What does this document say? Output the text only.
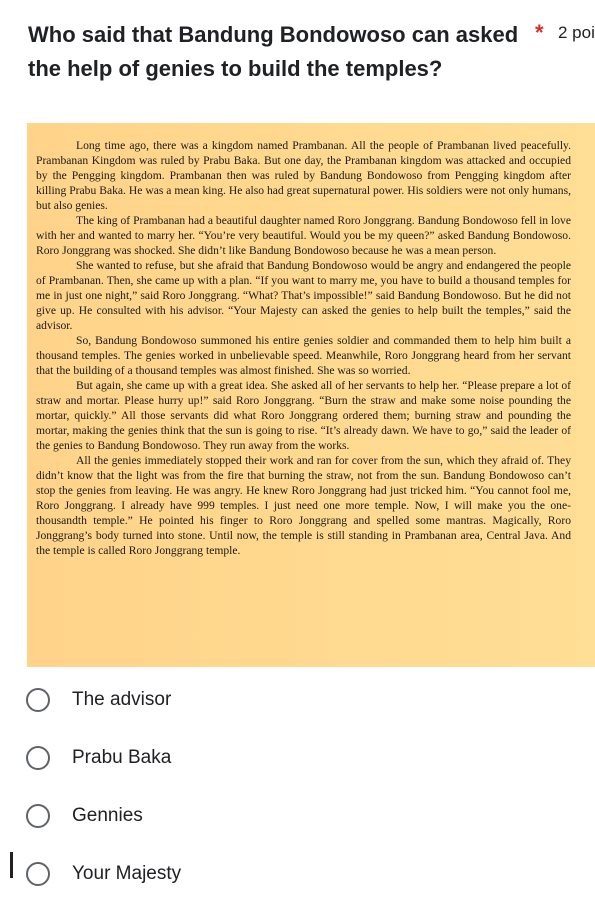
Who said that Bandung Bondowoso can asked the help of genies to build the temples?
* 2 poi

Long time ago, there was a kingdom named Prambanan. All the people of Prambanan lived peacefully. Prambanan Kingdom was ruled by Prabu Baka. But one day, the Prambanan kingdom was attacked and occupied by the Pengging kingdom. Prambanan then was ruled by Bandung Bondowoso from Pengging kingdom after killing Prabu Baka. He was a mean king. He also had great supernatural power. His soldiers were not only humans, but also genies.

The king of Prambanan had a beautiful daughter named Roro Jonggrang. Bandung Bondowoso fell in love with her and wanted to marry her. “You’re very beautiful. Would you be my queen?” asked Bandung Bondowoso. Roro Jonggrang was shocked. She didn’t like Bandung Bondowoso because he was a mean person.

She wanted to refuse, but she afraid that Bandung Bondowoso would be angry and endangered the people of Prambanan. Then, she came up with a plan. “If you want to marry me, you have to build a thousand temples for me in just one night,” said Roro Jonggrang. “What? That’s impossible!” said Bandung Bondowoso. But he did not give up. He consulted with his advisor. “Your Majesty can asked the genies to help built the temples,” said the advisor.

So, Bandung Bondowoso summoned his entire genies soldier and commanded them to help him built a thousand temples. The genies worked in unbelievable speed. Meanwhile, Roro Jonggrang heard from her servant that the building of a thousand temples was almost finished. She was so worried.

But again, she came up with a great idea. She asked all of her servants to help her. “Please prepare a lot of straw and mortar. Please hurry up!” said Roro Jonggrang. “Burn the straw and make some noise pounding the mortar, quickly.” All those servants did what Roro Jonggrang ordered them; burning straw and pounding the mortar, making the genies think that the sun is going to rise. “It’s already dawn. We have to go,” said the leader of the genies to Bandung Bondowoso. They run away from the works.

All the genies immediately stopped their work and ran for cover from the sun, which they afraid of. They didn’t know that the light was from the fire that burning the straw, not from the sun. Bandung Bondowoso can’t stop the genies from leaving. He was angry. He knew Roro Jonggrang had just tricked him. “You cannot fool me, Roro Jonggrang. I already have 999 temples. I just need one more temple. Now, I will make you the one-thousandth temple.” He pointed his finger to Roro Jonggrang and spelled some mantras. Magically, Roro Jonggrang’s body turned into stone. Until now, the temple is still standing in Prambanan area, Central Java. And the temple is called Roro Jonggrang temple.

The advisor
Prabu Baka
Gennies
Your Majesty
